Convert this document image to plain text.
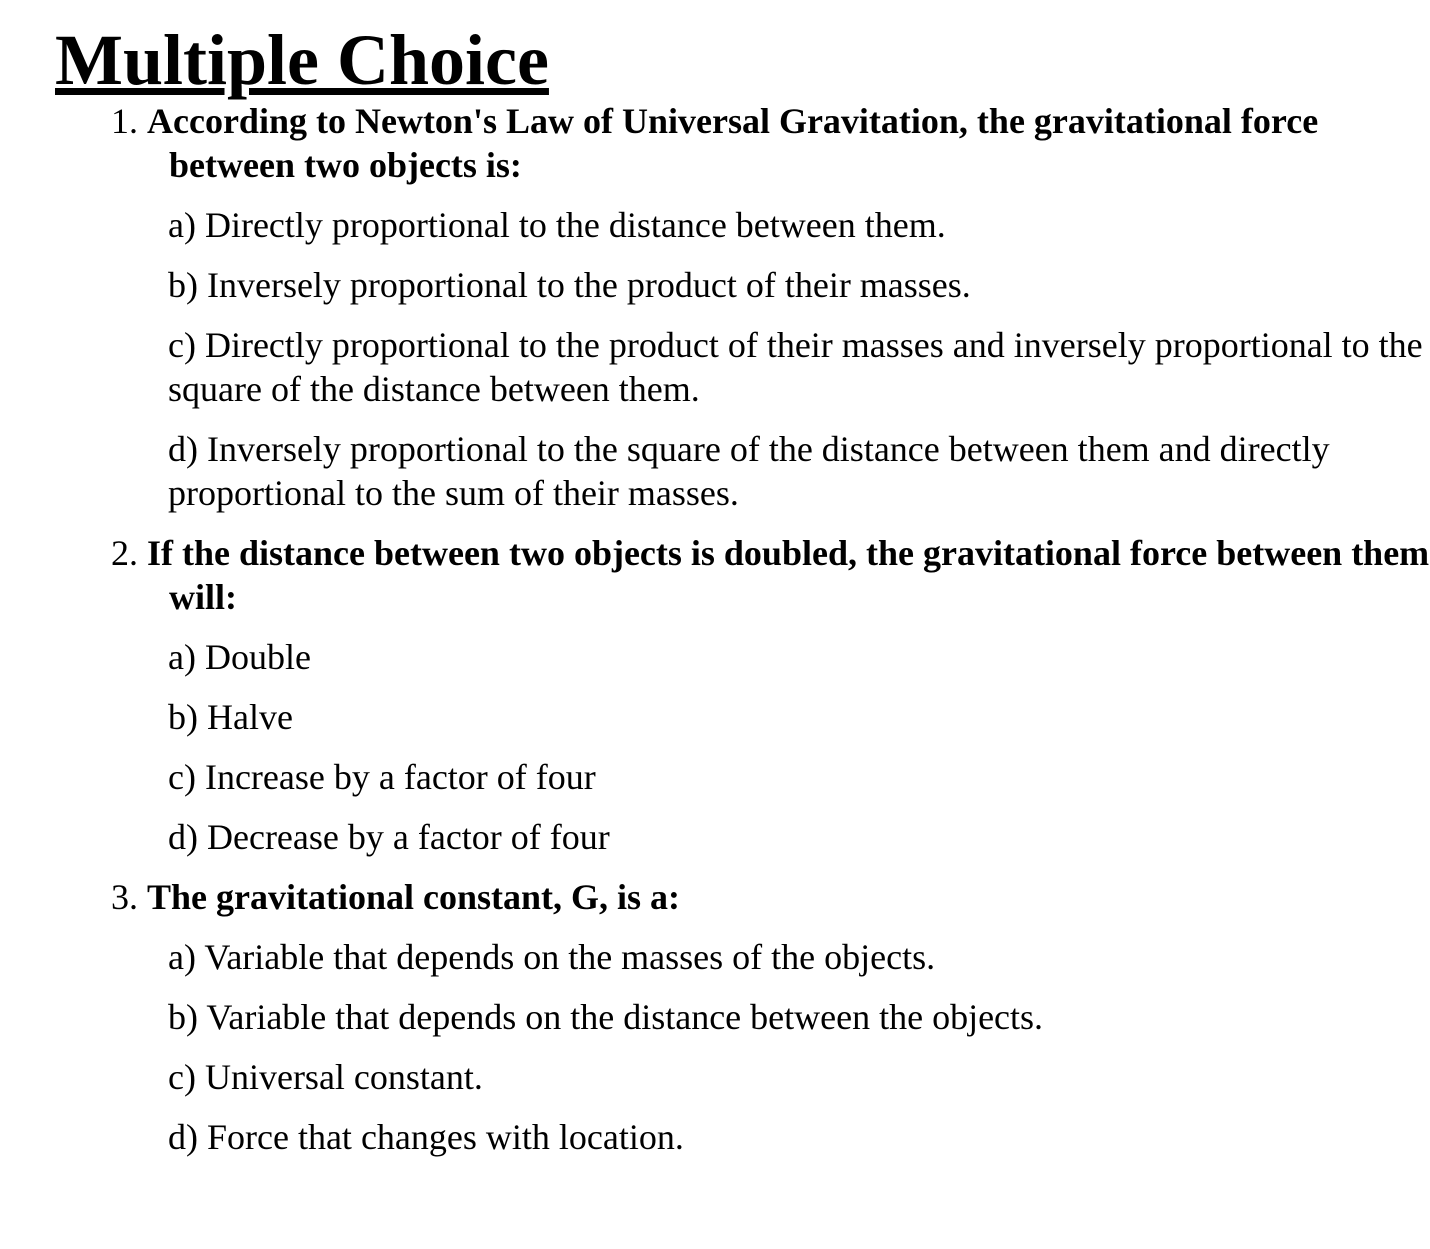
Multiple Choice

1. According to Newton's Law of Universal Gravitation, the gravitational force between two objects is:

a) Directly proportional to the distance between them.
b) Inversely proportional to the product of their masses.
c) Directly proportional to the product of their masses and inversely proportional to the square of the distance between them.
d) Inversely proportional to the square of the distance between them and directly proportional to the sum of their masses.

2. If the distance between two objects is doubled, the gravitational force between them will:

a) Double
b) Halve
c) Increase by a factor of four
d) Decrease by a factor of four

3. The gravitational constant, G, is a:

a) Variable that depends on the masses of the objects.
b) Variable that depends on the distance between the objects.
c) Universal constant.
d) Force that changes with location.
